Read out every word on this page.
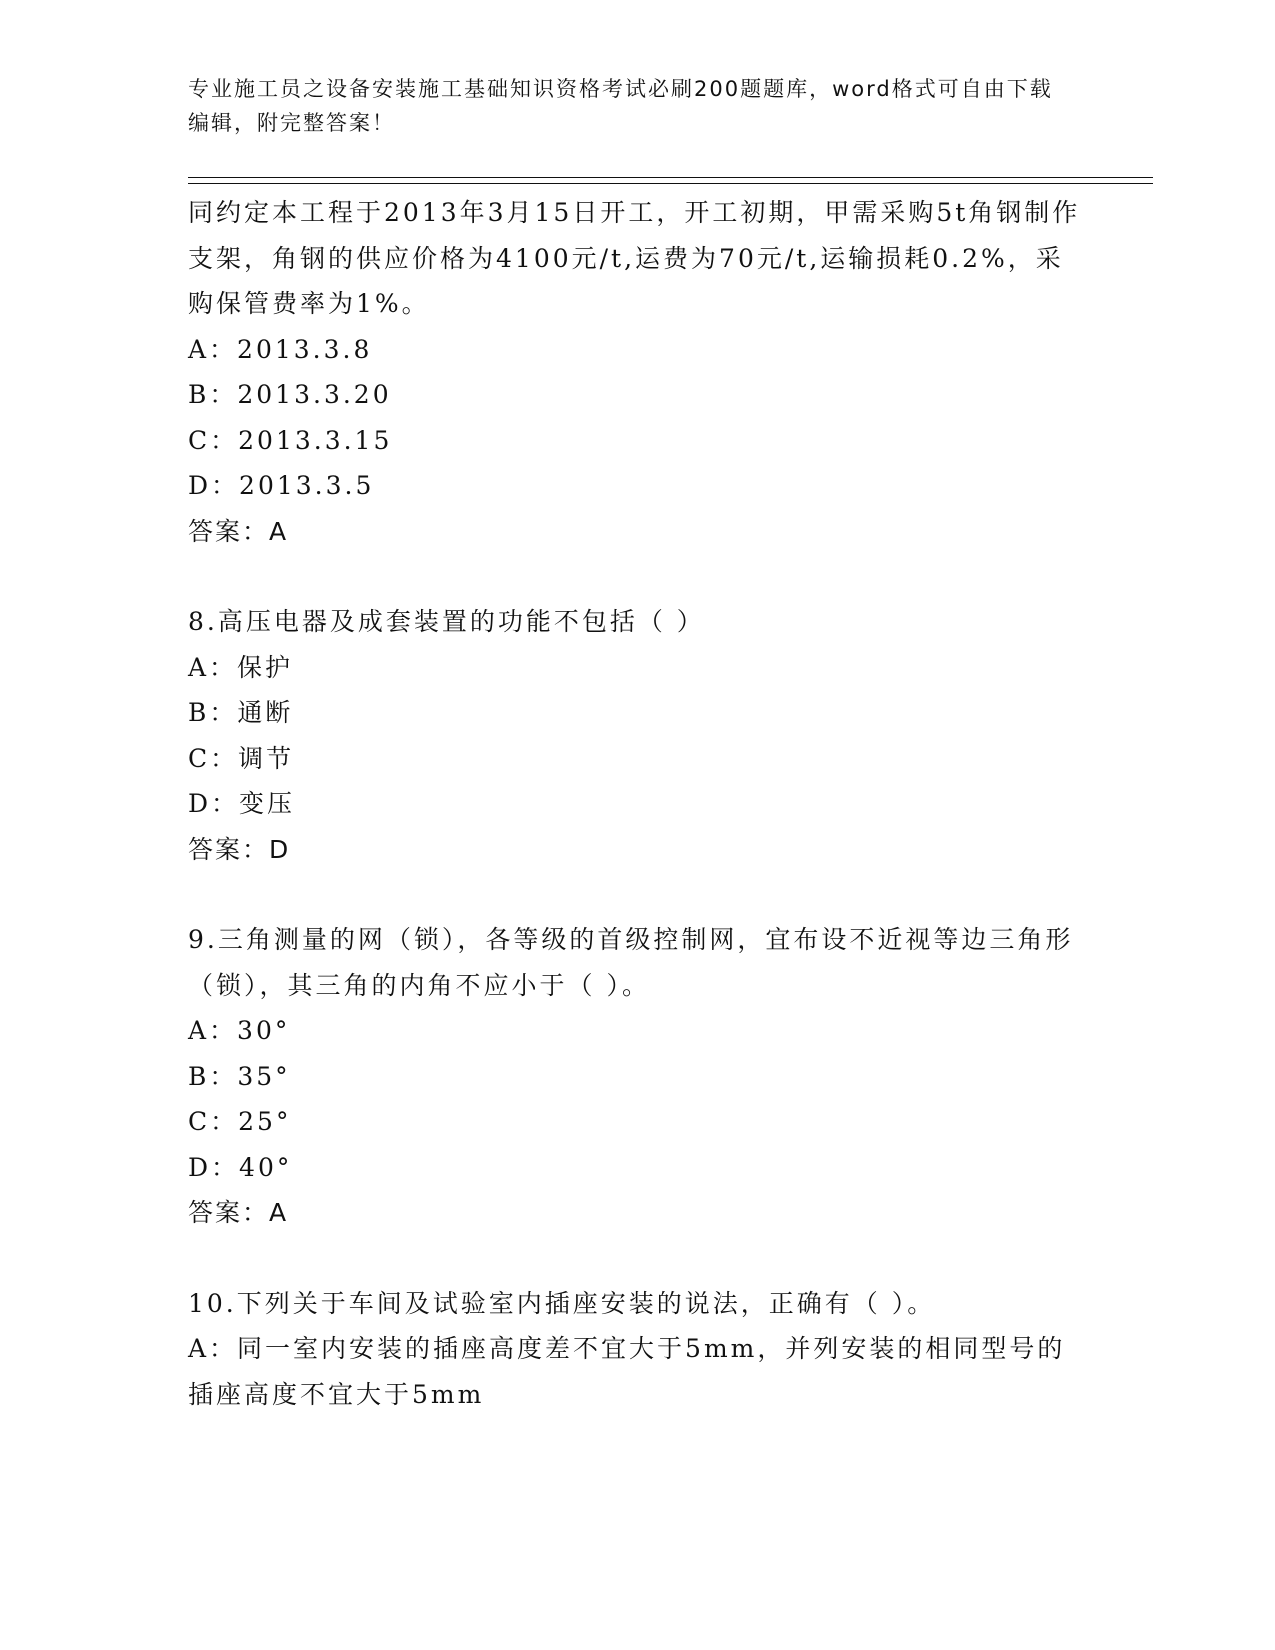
专业施工员之设备安装施工基础知识资格考试必刷200题题库，word格式可自由下载编辑，附完整答案！

同约定本工程于2013年3月15日开工，开工初期，甲需采购5t角钢制作支架，角钢的供应价格为4100元/t,运费为70元/t,运输损耗0.2%，采购保管费率为1%。

A：2013.3.8

B：2013.3.20

C：2013.3.15

D：2013.3.5

答案：A

8.高压电器及成套装置的功能不包括（ ）

A：保护

B：通断

C：调节

D：变压

答案：D

9.三角测量的网（锁），各等级的首级控制网，宜布设不近视等边三角形（锁），其三角的内角不应小于（ ）。

A：30°

B：35°

C：25°

D：40°

答案：A

10.下列关于车间及试验室内插座安装的说法，正确有（ ）。

A：同一室内安装的插座高度差不宜大于5mm，并列安装的相同型号的插座高度不宜大于5mm
